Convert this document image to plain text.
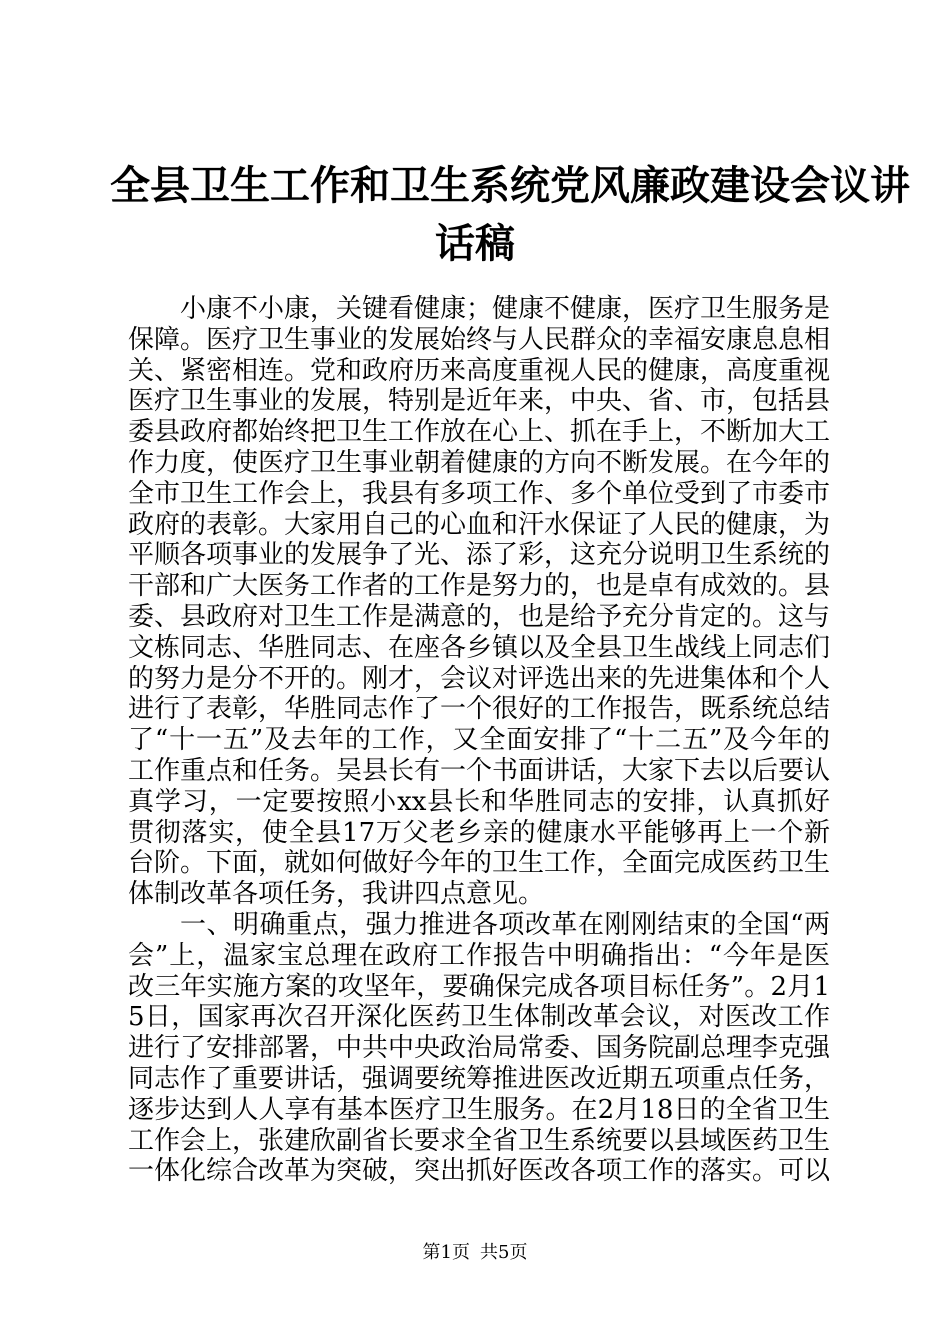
全县卫生工作和卫生系统党风廉政建设会议讲
话稿

小康不小康，关键看健康；健康不健康，医疗卫生服务是保障。医疗卫生事业的发展始终与人民群众的幸福安康息息相关、紧密相连。党和政府历来高度重视人民的健康，高度重视医疗卫生事业的发展，特别是近年来，中央、省、市，包括县委县政府都始终把卫生工作放在心上、抓在手上，不断加大工作力度，使医疗卫生事业朝着健康的方向不断发展。在今年的全市卫生工作会上，我县有多项工作、多个单位受到了市委市政府的表彰。大家用自己的心血和汗水保证了人民的健康，为平顺各项事业的发展争了光、添了彩，这充分说明卫生系统的干部和广大医务工作者的工作是努力的，也是卓有成效的。县委、县政府对卫生工作是满意的，也是给予充分肯定的。这与文栋同志、华胜同志、在座各乡镇以及全县卫生战线上同志们的努力是分不开的。刚才，会议对评选出来的先进集体和个人进行了表彰，华胜同志作了一个很好的工作报告，既系统总结了“十一五”及去年的工作，又全面安排了“十二五”及今年的工作重点和任务。吴县长有一个书面讲话，大家下去以后要认真学习，一定要按照小xx县长和华胜同志的安排，认真抓好贯彻落实，使全县17万父老乡亲的健康水平能够再上一个新台阶。下面，就如何做好今年的卫生工作，全面完成医药卫生体制改革各项任务，我讲四点意见。

一、明确重点，强力推进各项改革在刚刚结束的全国“两会”上，温家宝总理在政府工作报告中明确指出：“今年是医改三年实施方案的攻坚年，要确保完成各项目标任务”。2月15日，国家再次召开深化医药卫生体制改革会议，对医改工作进行了安排部署，中共中央政治局常委、国务院副总理李克强同志作了重要讲话，强调要统筹推进医改近期五项重点任务，逐步达到人人享有基本医疗卫生服务。在2月18日的全省卫生工作会上，张建欣副省长要求全省卫生系统要以县域医药卫生一体化综合改革为突破，突出抓好医改各项工作的落实。可以

第1页 共5页
